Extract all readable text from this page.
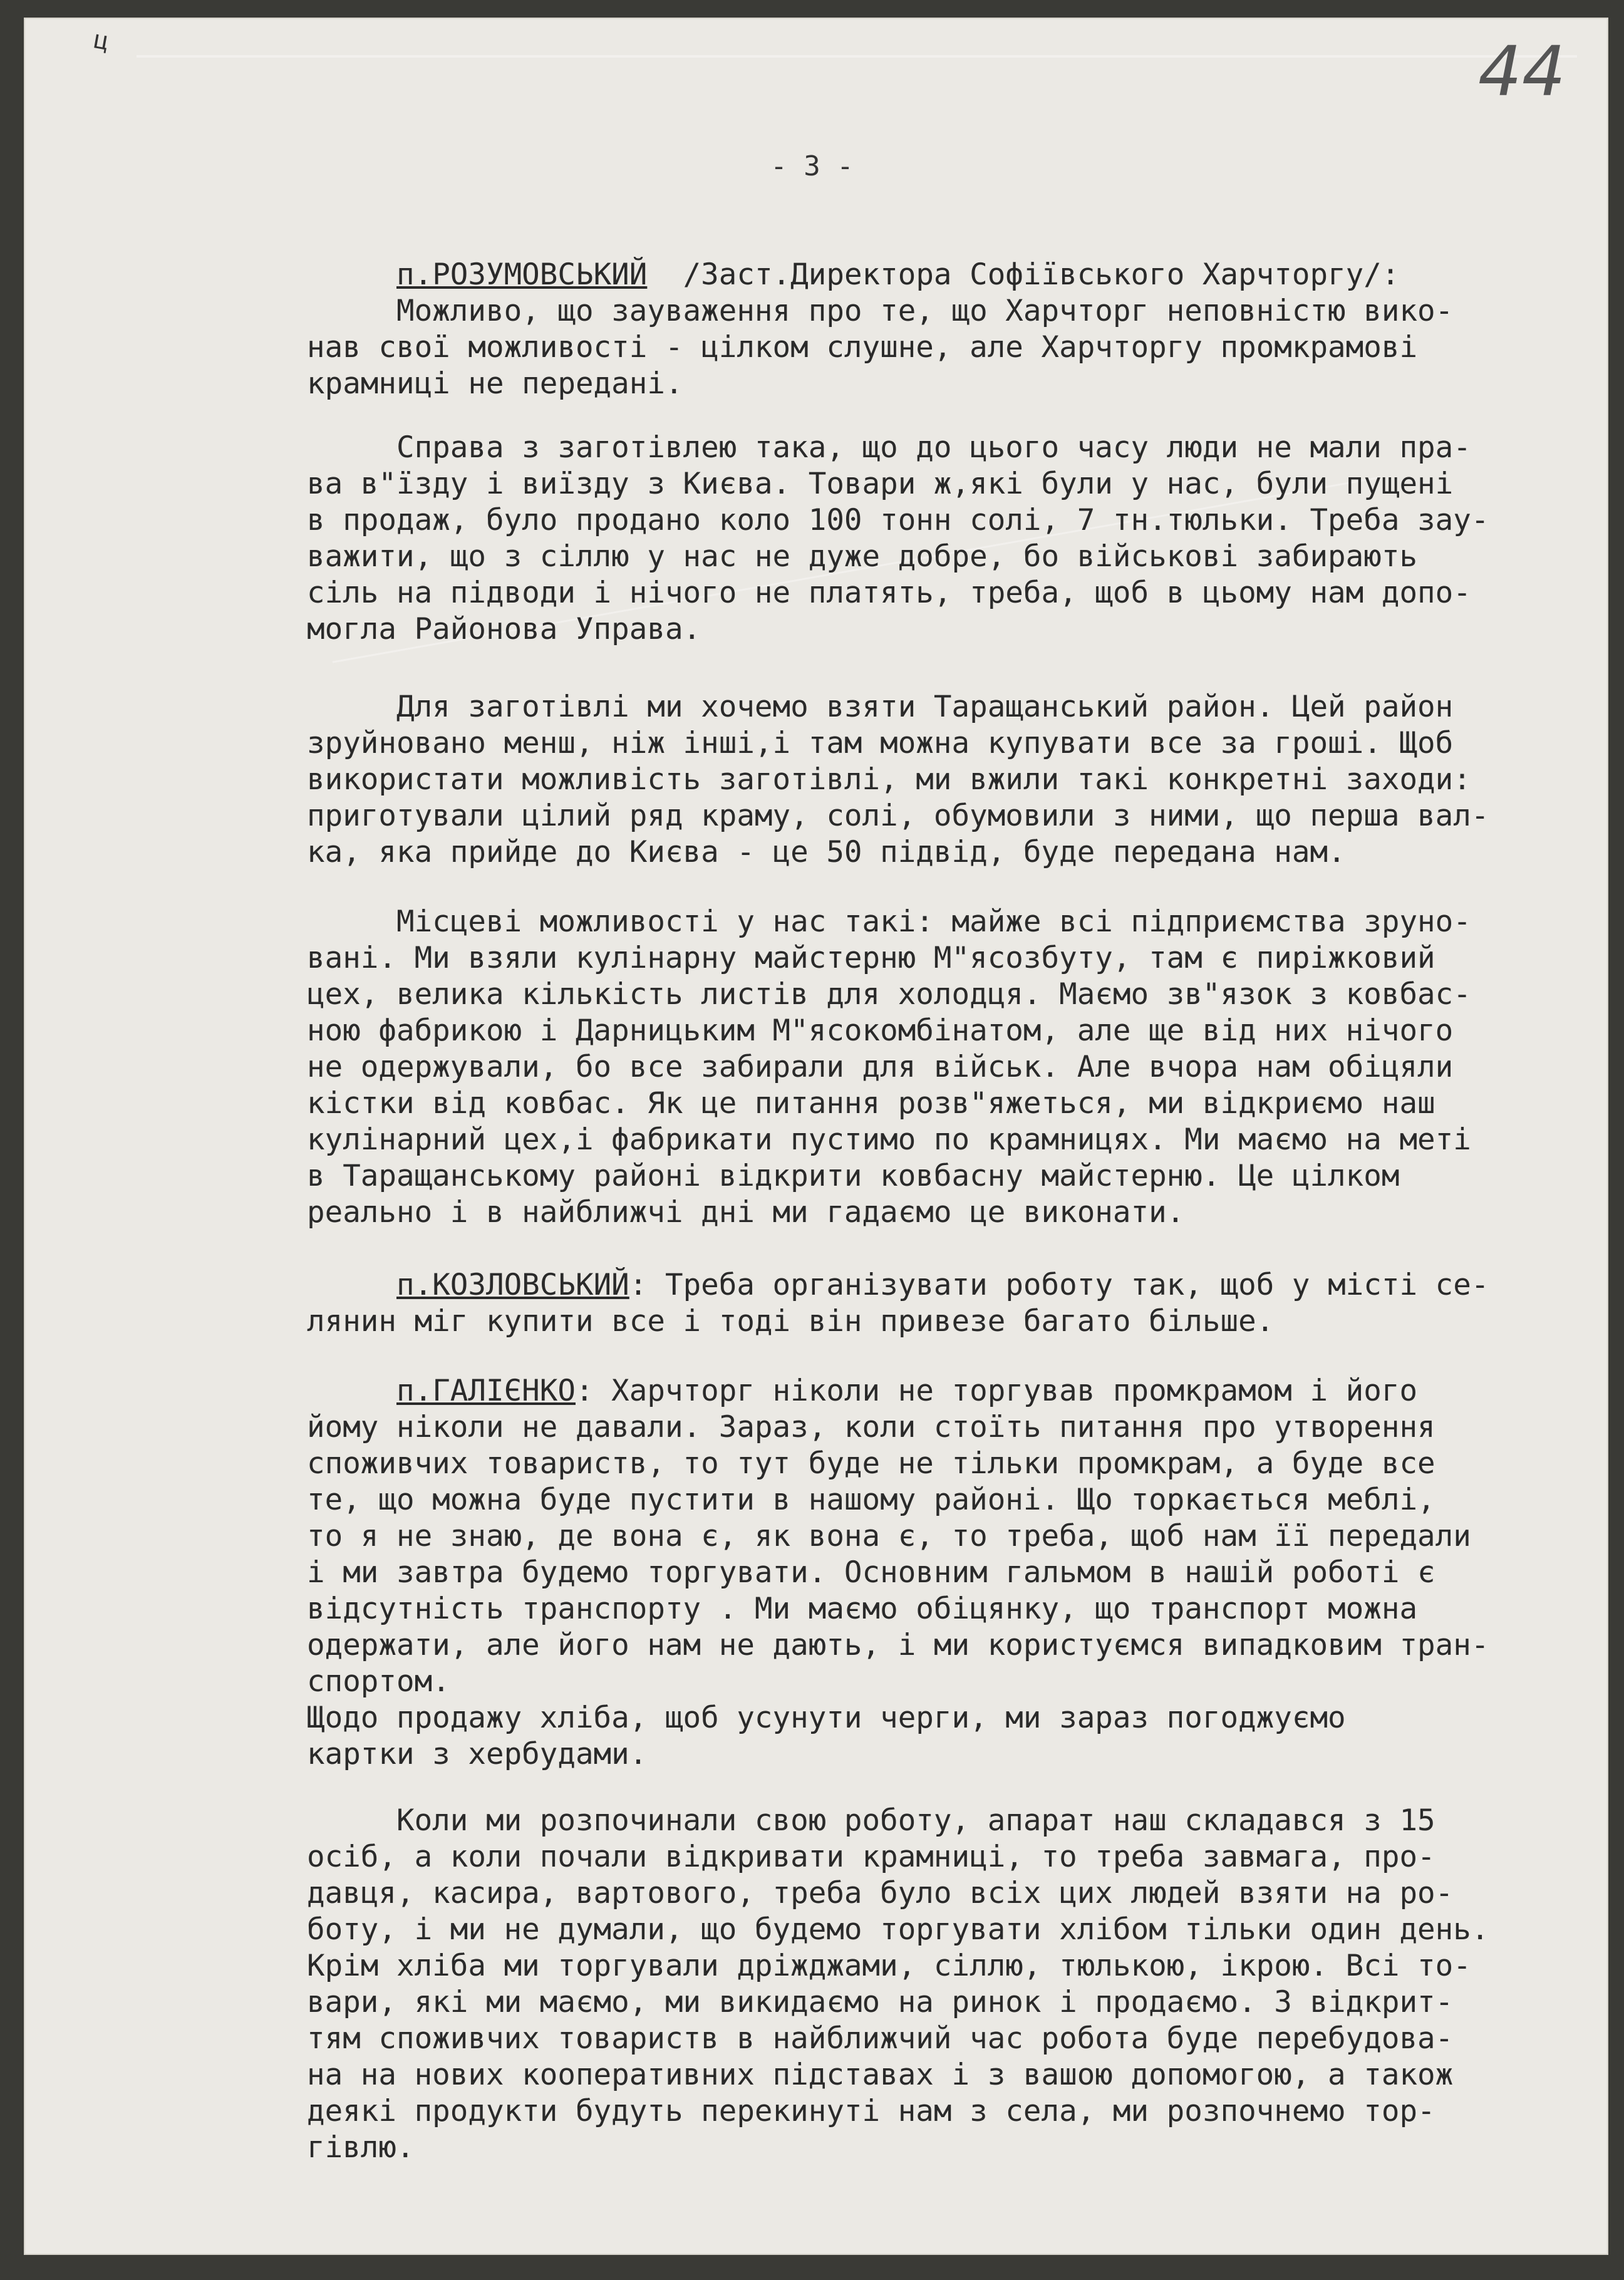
ц	44
- 3 -

п.РОЗУМОВСЬКИЙ  /Заст.Директора Софіївського Харчторгу/:

Можливо, що зауваження про те, що Харчторг неповністю вико-

нав свої можливості - цілком слушне, але Харчторгу промкрамові

крамниці не передані.

Справа з заготівлею така, що до цього часу люди не мали пра-

ва в"їзду і виїзду з Києва. Товари ж,які були у нас, були пущені

в продаж, було продано коло 100 тонн солі, 7 тн.тюльки. Треба зау-

важити, що з сіллю у нас не дуже добре, бо військові забирають

сіль на підводи і нічого не платять, треба, щоб в цьому нам допо-

могла Районова Управа.

Для заготівлі ми хочемо взяти Таращанський район. Цей район

зруйновано менш, ніж інші,і там можна купувати все за гроші. Щоб

використати можливість заготівлі, ми вжили такі конкретні заходи:

приготували цілий ряд краму, солі, обумовили з ними, що перша вал-

ка, яка прийде до Києва - це 50 підвід, буде передана нам.

Місцеві можливості у нас такі: майже всі підприємства зруно-

вані. Ми взяли кулінарну майстерню М"ясозбуту, там є пиріжковий

цех, велика кількість листів для холодця. Маємо зв"язок з ковбас-

ною фабрикою і Дарницьким М"ясокомбінатом, але ще від них нічого

не одержували, бо все забирали для військ. Але вчора нам обіцяли

кістки від ковбас. Як це питання розв"яжеться, ми відкриємо наш

кулінарний цех,і фабрикати пустимо по крамницях. Ми маємо на меті

в Таращанському районі відкрити ковбасну майстерню. Це цілком

реально і в найближчі дні ми гадаємо це виконати.

п.КОЗЛОВСЬКИЙ: Треба організувати роботу так, щоб у місті се-

лянин міг купити все і тоді він привезе багато більше.

п.ГАЛІЄНКО: Харчторг ніколи не торгував промкрамом і його

йому ніколи не давали. Зараз, коли стоїть питання про утворення

споживчих товариств, то тут буде не тільки промкрам, а буде все

те, що можна буде пустити в нашому районі. Що торкається меблі,

то я не знаю, де вона є, як вона є, то треба, щоб нам її передали

і ми завтра будемо торгувати. Основним гальмом в нашій роботі є

відсутність транспорту . Ми маємо обіцянку, що транспорт можна

одержати, але його нам не дають, і ми користуємся випадковим тран-

спортом.

Щодо продажу хліба, щоб усунути черги, ми зараз погоджуємо

картки з хербудами.

Коли ми розпочинали свою роботу, апарат наш складався з 15

осіб, а коли почали відкривати крамниці, то треба завмага, про-

давця, касира, вартового, треба було всіх цих людей взяти на ро-

боту, і ми не думали, що будемо торгувати хлібом тільки один день.

Крім хліба ми торгували дріжджами, сіллю, тюлькою, ікрою. Всі то-

вари, які ми маємо, ми викидаємо на ринок і продаємо. З відкрит-

тям споживчих товариств в найближчий час робота буде перебудова-

на на нових кооперативних підставах і з вашою допомогою, а також

деякі продукти будуть перекинуті нам з села, ми розпочнемо тор-

гівлю.
